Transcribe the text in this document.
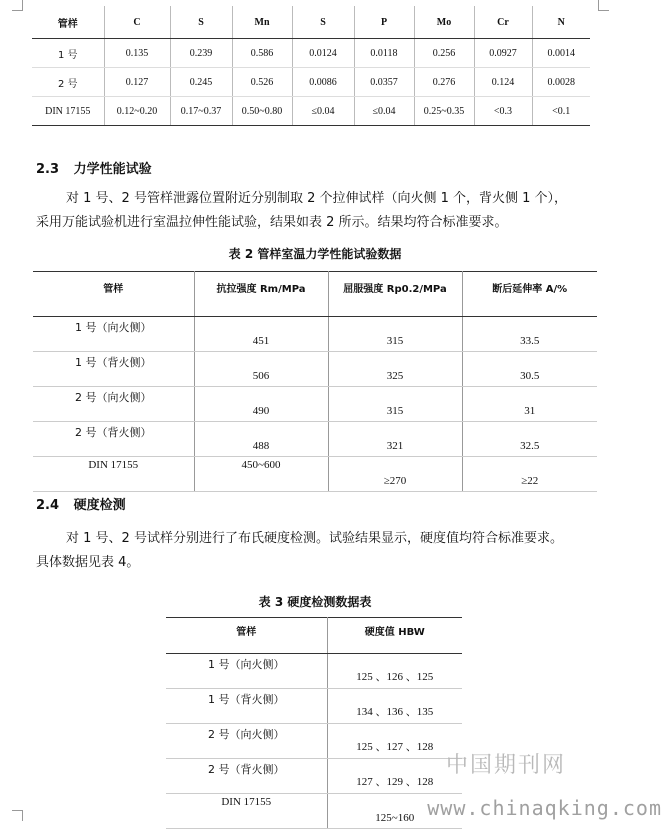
管样	C	S	Mn	S	P	Mo	Cr	N
1 号	0.135	0.239	0.586	0.0124	0.0118	0.256	0.0927	0.0014
2 号	0.127	0.245	0.526	0.0086	0.0357	0.276	0.124	0.0028
DIN 17155	0.12~0.20	0.17~0.37	0.50~0.80	≤0.04	≤0.04	0.25~0.35	<0.3	<0.1
2.3 力学性能试验
对 1 号、2 号管样泄露位置附近分别制取 2 个拉伸试样（向火侧 1 个，背火侧 1 个），
采用万能试验机进行室温拉伸性能试验，结果如表 2 所示。结果均符合标准要求。
表 2 管样室温力学性能试验数据
管样	抗拉强度 Rm/MPa	屈服强度 Rp0.2/MPa	断后延伸率 A/%
1 号（向火侧）	451	315	33.5
1 号（背火侧）	506	325	30.5
2 号（向火侧）	490	315	31
2 号（背火侧）	488	321	32.5
DIN 17155	450~600	≥270	≥22
2.4 硬度检测
对 1 号、2 号试样分别进行了布氏硬度检测。试验结果显示，硬度值均符合标准要求。
具体数据见表 4。
表 3 硬度检测数据表
管样	硬度值 HBW
1 号（向火侧）	125 、126 、125
1 号（背火侧）	134 、136 、135
2 号（向火侧）	125 、127 、128
2 号（背火侧）	127 、129 、128
DIN 17155	125~160
中国期刊网
www.chinaqking.com
